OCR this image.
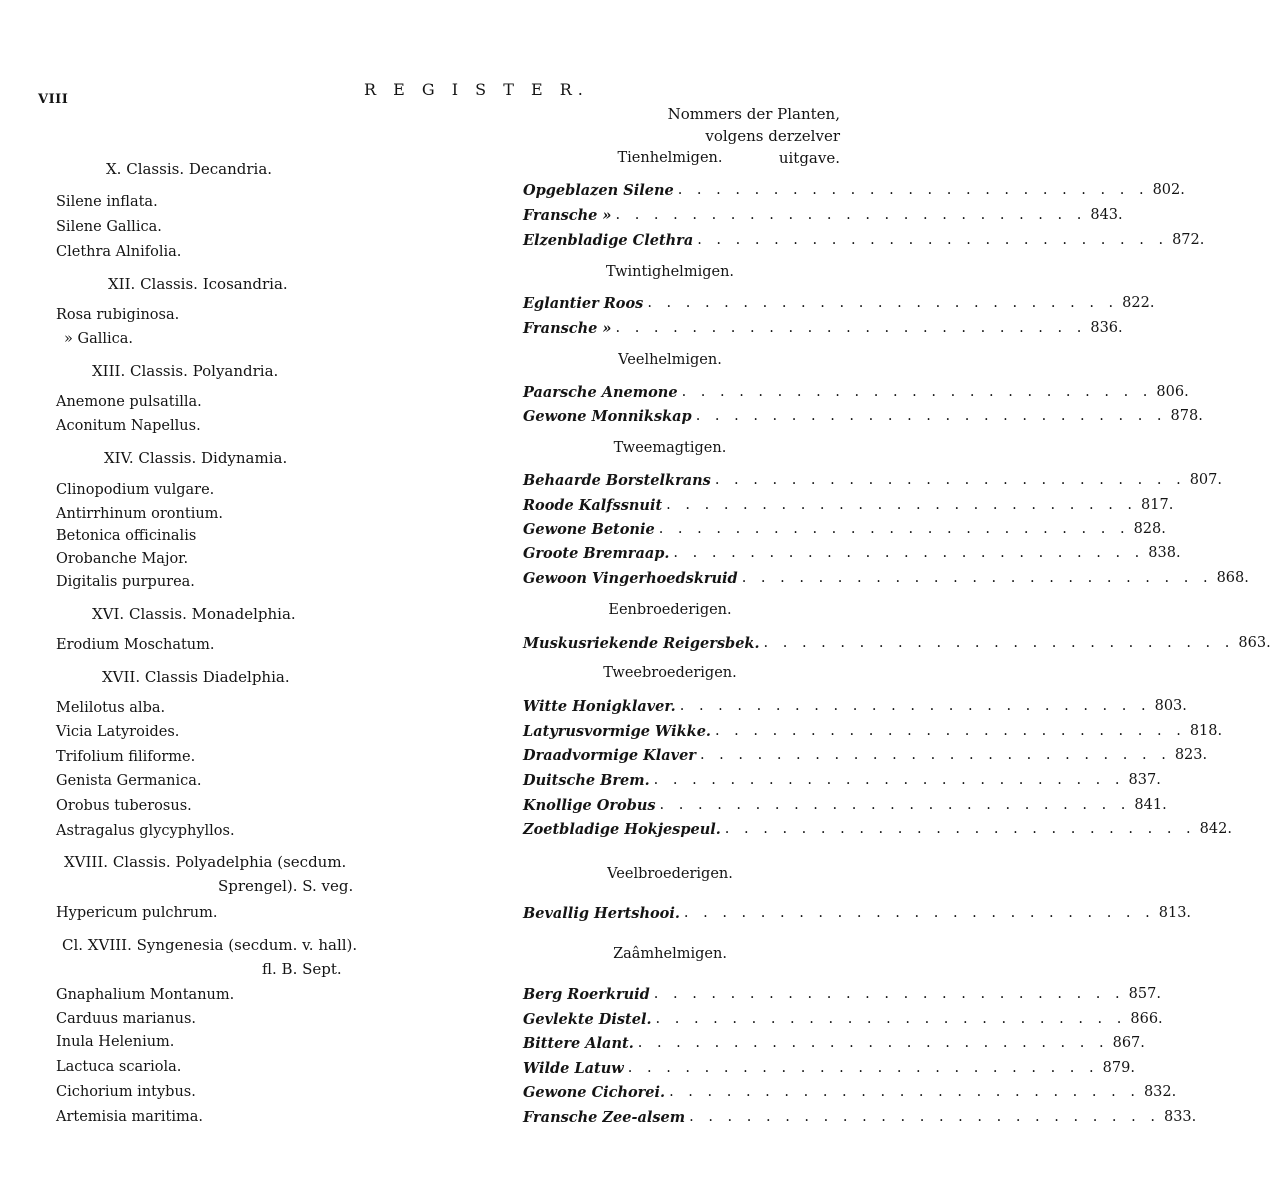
VIII
R E G I S T E R.
Nommers der Planten,
volgens derzelver uitgave.
X. Classis. Decandria.
Silene inflata.
Silene Gallica.
Clethra Alnifolia.
XII. Classis. Icosandria.
Rosa rubiginosa.
» Gallica.
XIII. Classis. Polyandria.
Anemone pulsatilla.
Aconitum Napellus.
XIV. Classis. Didynamia.
Clinopodium vulgare.
Antirrhinum orontium.
Betonica officinalis
Orobanche Major.
Digitalis purpurea.
XVI. Classis. Monadelphia.
Erodium Moschatum.
XVII. Classis Diadelphia.
Melilotus alba.
Vicia Latyroides.
Trifolium filiforme.
Genista Germanica.
Orobus tuberosus.
Astragalus glycyphyllos.
XVIII. Classis. Polyadelphia (secdum.
Sprengel). S. veg.
Hypericum pulchrum.
Cl. XVIII. Syngenesia (secdum. v. hall).
fl. B. Sept.
Gnaphalium Montanum.
Carduus marianus.
Inula Helenium.
Lactuca scariola.
Cichorium intybus.
Artemisia maritima.
Tienhelmigen.
Twintighelmigen.
Veelhelmigen.
Tweemagtigen.
Eenbroederigen.
Tweebroederigen.
Veelbroederigen.
Zaâmhelmigen.
Opgeblazen Silene . . . . . . . . . . . . . . . . . . . . . . . . . 802.
Fransche » . . . . . . . . . . . . . . . . . . . . . . . . . 843.
Elzenbladige Clethra . . . . . . . . . . . . . . . . . . . . . . . . . 872.
Eglantier Roos . . . . . . . . . . . . . . . . . . . . . . . . . 822.
Fransche » . . . . . . . . . . . . . . . . . . . . . . . . . 836.
Paarsche Anemone . . . . . . . . . . . . . . . . . . . . . . . . . 806.
Gewone Monnikskap . . . . . . . . . . . . . . . . . . . . . . . . . 878.
Behaarde Borstelkrans . . . . . . . . . . . . . . . . . . . . . . . . . 807.
Roode Kalfssnuit . . . . . . . . . . . . . . . . . . . . . . . . . 817.
Gewone Betonie . . . . . . . . . . . . . . . . . . . . . . . . . 828.
Groote Bremraap. . . . . . . . . . . . . . . . . . . . . . . . . . 838.
Gewoon Vingerhoedskruid . . . . . . . . . . . . . . . . . . . . . . . . . 868.
Muskusriekende Reigersbek. . . . . . . . . . . . . . . . . . . . . . . . . . 863.
Witte Honigklaver. . . . . . . . . . . . . . . . . . . . . . . . . . 803.
Latyrusvormige Wikke. . . . . . . . . . . . . . . . . . . . . . . . . . 818.
Draadvormige Klaver . . . . . . . . . . . . . . . . . . . . . . . . . 823.
Duitsche Brem. . . . . . . . . . . . . . . . . . . . . . . . . . 837.
Knollige Orobus . . . . . . . . . . . . . . . . . . . . . . . . . 841.
Zoetbladige Hokjespeul. . . . . . . . . . . . . . . . . . . . . . . . . . 842.
Bevallig Hertshooi. . . . . . . . . . . . . . . . . . . . . . . . . . 813.
Berg Roerkruid . . . . . . . . . . . . . . . . . . . . . . . . . 857.
Gevlekte Distel. . . . . . . . . . . . . . . . . . . . . . . . . . 866.
Bittere Alant. . . . . . . . . . . . . . . . . . . . . . . . . . 867.
Wilde Latuw . . . . . . . . . . . . . . . . . . . . . . . . . 879.
Gewone Cichorei. . . . . . . . . . . . . . . . . . . . . . . . . . 832.
Fransche Zee-alsem . . . . . . . . . . . . . . . . . . . . . . . . . 833.
